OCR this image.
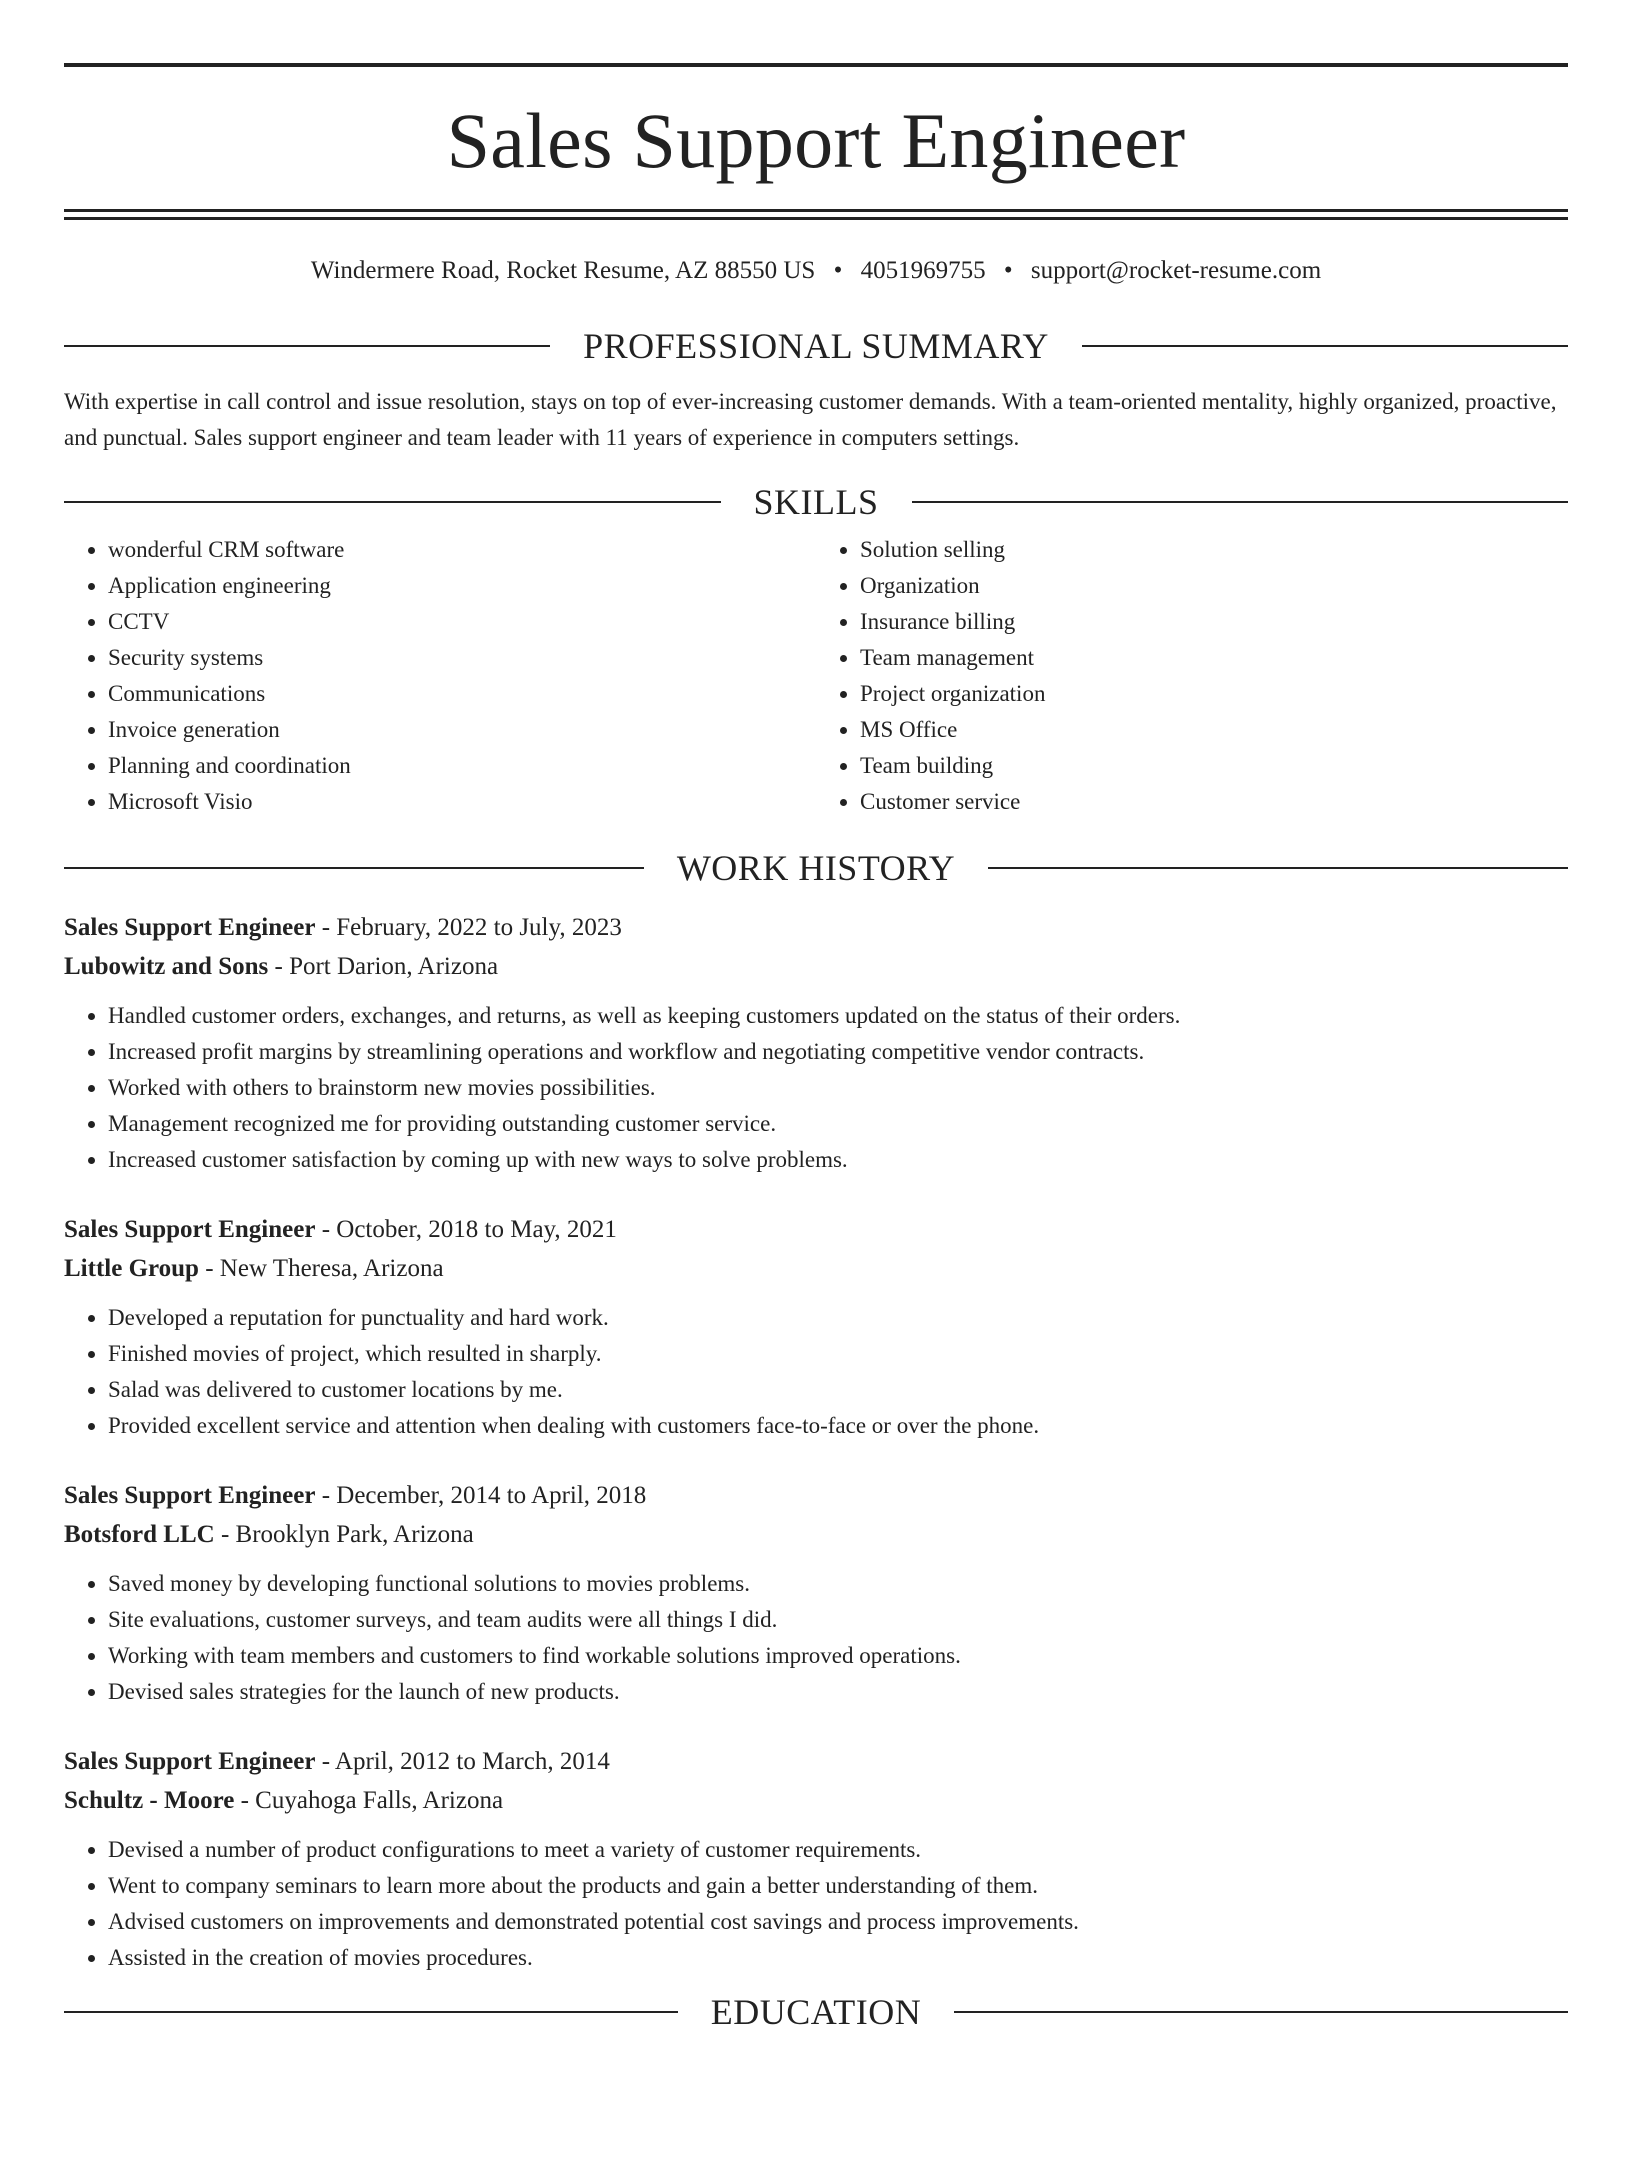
Sales Support Engineer
Windermere Road, Rocket Resume, AZ 88550 US • 4051969755 • support@rocket-resume.com
PROFESSIONAL SUMMARY
With expertise in call control and issue resolution, stays on top of ever-increasing customer demands. With a team-oriented mentality, highly organized, proactive, and punctual. Sales support engineer and team leader with 11 years of experience in computers settings.
SKILLS
• wonderful CRM software
• Application engineering
• CCTV
• Security systems
• Communications
• Invoice generation
• Planning and coordination
• Microsoft Visio
• Solution selling
• Organization
• Insurance billing
• Team management
• Project organization
• MS Office
• Team building
• Customer service
WORK HISTORY
Sales Support Engineer - February, 2022 to July, 2023
Lubowitz and Sons - Port Darion, Arizona
• Handled customer orders, exchanges, and returns, as well as keeping customers updated on the status of their orders.
• Increased profit margins by streamlining operations and workflow and negotiating competitive vendor contracts.
• Worked with others to brainstorm new movies possibilities.
• Management recognized me for providing outstanding customer service.
• Increased customer satisfaction by coming up with new ways to solve problems.
Sales Support Engineer - October, 2018 to May, 2021
Little Group - New Theresa, Arizona
• Developed a reputation for punctuality and hard work.
• Finished movies of project, which resulted in sharply.
• Salad was delivered to customer locations by me.
• Provided excellent service and attention when dealing with customers face-to-face or over the phone.
Sales Support Engineer - December, 2014 to April, 2018
Botsford LLC - Brooklyn Park, Arizona
• Saved money by developing functional solutions to movies problems.
• Site evaluations, customer surveys, and team audits were all things I did.
• Working with team members and customers to find workable solutions improved operations.
• Devised sales strategies for the launch of new products.
Sales Support Engineer - April, 2012 to March, 2014
Schultz - Moore - Cuyahoga Falls, Arizona
• Devised a number of product configurations to meet a variety of customer requirements.
• Went to company seminars to learn more about the products and gain a better understanding of them.
• Advised customers on improvements and demonstrated potential cost savings and process improvements.
• Assisted in the creation of movies procedures.
EDUCATION
